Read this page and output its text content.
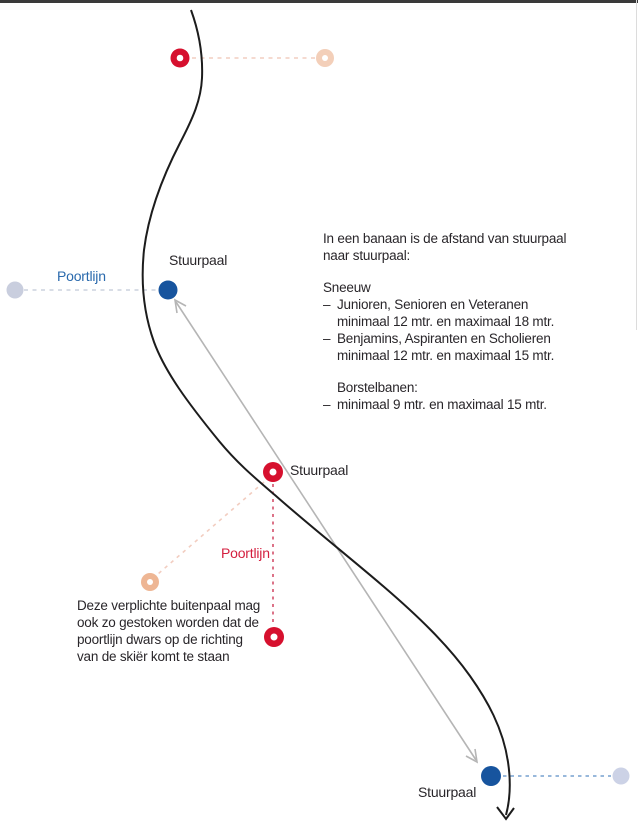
Stuurpaal
Poortlijn
Stuurpaal
Poortlijn
Stuurpaal
In een banaan is de afstand van stuurpaal
naar stuurpaal:
Sneeuw
– Junioren, Senioren en Veteranen
minimaal 12 mtr. en maximaal 18 mtr.
– Benjamins, Aspiranten en Scholieren
minimaal 12 mtr. en maximaal 15 mtr.
Borstelbanen:
– minimaal 9 mtr. en maximaal 15 mtr.
Deze verplichte buitenpaal mag
ook zo gestoken worden dat de
poortlijn dwars op de richting
van de skiër komt te staan
